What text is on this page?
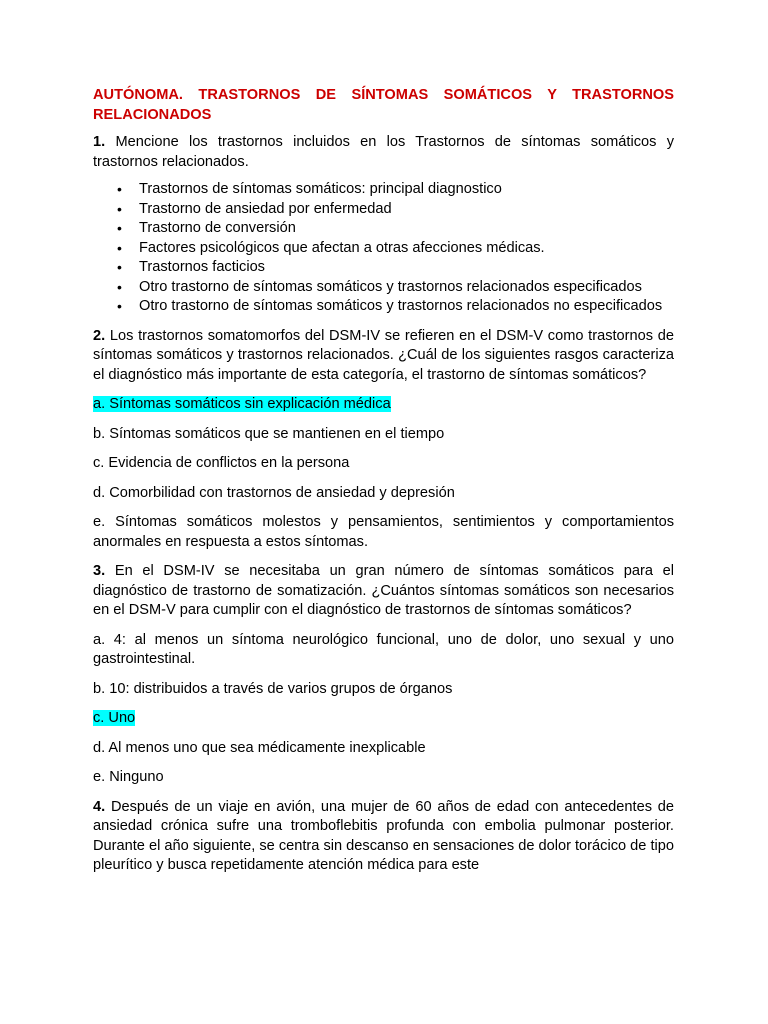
AUTÓNOMA. TRASTORNOS DE SÍNTOMAS SOMÁTICOS Y TRASTORNOS RELACIONADOS

1. Mencione los trastornos incluidos en los Trastornos de síntomas somáticos y trastornos relacionados.

• Trastornos de síntomas somáticos: principal diagnostico
• Trastorno de ansiedad por enfermedad
• Trastorno de conversión
• Factores psicológicos que afectan a otras afecciones médicas.
• Trastornos facticios
• Otro trastorno de síntomas somáticos y trastornos relacionados especificados
• Otro trastorno de síntomas somáticos y trastornos relacionados no especificados

2. Los trastornos somatomorfos del DSM-IV se refieren en el DSM-V como trastornos de síntomas somáticos y trastornos relacionados. ¿Cuál de los siguientes rasgos caracteriza el diagnóstico más importante de esta categoría, el trastorno de síntomas somáticos?

a. Síntomas somáticos sin explicación médica

b. Síntomas somáticos que se mantienen en el tiempo

c. Evidencia de conflictos en la persona

d. Comorbilidad con trastornos de ansiedad y depresión

e. Síntomas somáticos molestos y pensamientos, sentimientos y comportamientos anormales en respuesta a estos síntomas.

3. En el DSM-IV se necesitaba un gran número de síntomas somáticos para el diagnóstico de trastorno de somatización. ¿Cuántos síntomas somáticos son necesarios en el DSM-V para cumplir con el diagnóstico de trastornos de síntomas somáticos?

a. 4: al menos un síntoma neurológico funcional, uno de dolor, uno sexual y uno gastrointestinal.

b. 10: distribuidos a través de varios grupos de órganos

c. Uno

d. Al menos uno que sea médicamente inexplicable

e. Ninguno

4. Después de un viaje en avión, una mujer de 60 años de edad con antecedentes de ansiedad crónica sufre una tromboflebitis profunda con embolia pulmonar posterior. Durante el año siguiente, se centra sin descanso en sensaciones de dolor torácico de tipo pleurítico y busca repetidamente atención médica para este
